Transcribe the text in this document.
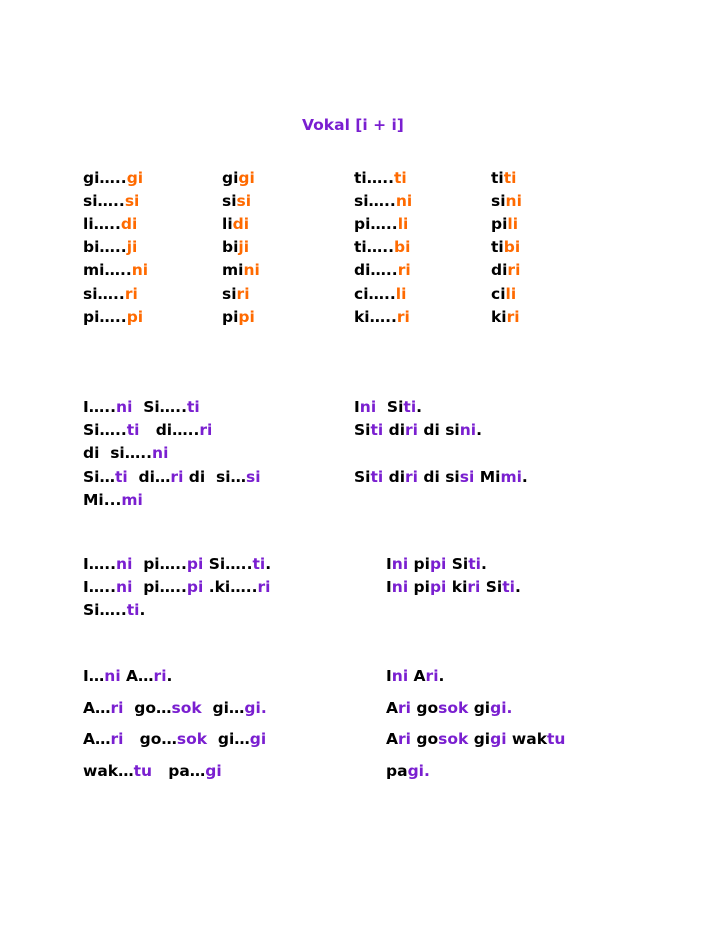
Vokal [i + i]
gi…..gi	gigi	ti…..ti	titi
si…..si	sisi	si…..ni	sini
li…..di	lidi	pi…..li	pili
bi…..ji	biji	ti…..bi	tibi
mi…..ni	mini	di…..ri	diri
si…..ri	siri	ci…..li	cili
pi…..pi	pipi	ki…..ri	kiri
I…..ni  Si…..ti
Si…..ti   di…..ri
di  si…..ni
Si…ti  di…ri di  si…si
Mi...mi
Ini  Siti.
Siti diri di sini.
Siti diri di sisi Mimi.
I…..ni  pi…..pi Si…..ti.
I…..ni  pi…..pi .ki…..ri
Si…..ti.
Ini pipi Siti.
Ini pipi kiri Siti.
I…ni A…ri.
A…ri  go…sok  gi…gi.
A…ri   go…sok  gi…gi
wak…tu   pa…gi
Ini Ari.
Ari gosok gigi.
Ari gosok gigi waktu
pagi.
